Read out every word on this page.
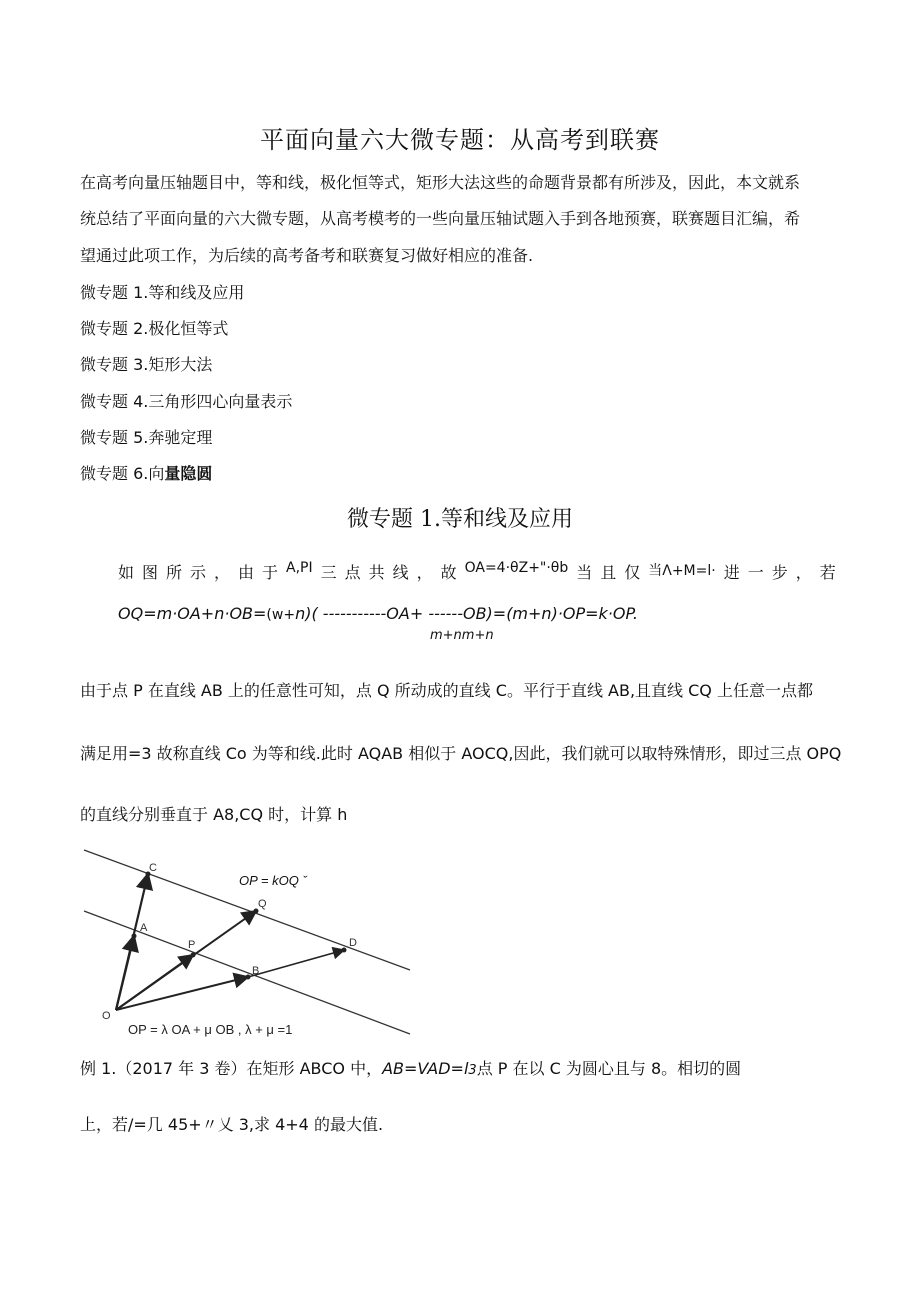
平面向量六大微专题：从高考到联赛
在高考向量压轴题目中，等和线，极化恒等式，矩形大法这些的命题背景都有所涉及，因此，本文就系
统总结了平面向量的六大微专题，从高考模考的一些向量压轴试题入手到各地预赛，联赛题目汇编，希
望通过此项工作，为后续的高考备考和联赛复习做好相应的准备.
微专题 1.等和线及应用
微专题 2.极化恒等式
微专题 3.矩形大法
微专题 4.三角形四心向量表示
微专题 5.奔驰定理
微专题 6.向量隐圆
微专题 1.等和线及应用
如 图 所 示 ， 由 于 A,PI 三 点 共 线 ， 故 OA=4·θZ+"·θb 当 且 仅 当Λ+M=l· 进 一 步 ， 若
OQ=m·OA+n·OB=(w+n)( -----------OA+ ------OB)=(m+n)·OP=k·OP.
m+nm+n
由于点 P 在直线 AB 上的任意性可知，点 Q 所动成的直线 C。平行于直线 AB,且直线 CQ 上任意一点都
满足用=3 故称直线 Co 为等和线.此时 AQAB 相似于 AOCQ,因此，我们就可以取特殊情形，即过三点 OPQ
的直线分别垂直于 A8,CQ 时，计算 h
C
Q
A
P
B
D
O
OP = kOQ ˇ
OP = λ OA + μ OB , λ + μ =1
例 1.（2017 年 3 卷）在矩形 ABCO 中，AB=VAD=l3点 P 在以 C 为圆心且与 8。相切的圆
上，若/=几 45+〃乂 3,求 4+4 的最大值.
